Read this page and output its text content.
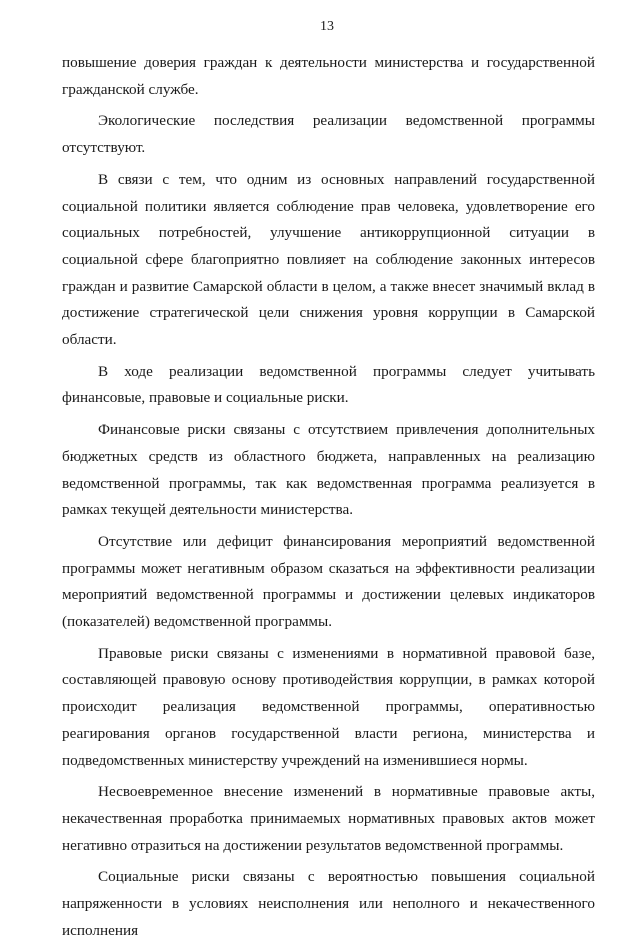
13

повышение доверия граждан к деятельности министерства и государственной гражданской службе.

Экологические последствия реализации ведомственной программы отсутствуют.

В связи с тем, что одним из основных направлений государственной социальной политики является соблюдение прав человека, удовлетворение его социальных потребностей, улучшение антикоррупционной ситуации в социальной сфере благоприятно повлияет на соблюдение законных интересов граждан и развитие Самарской области в целом, а также внесет значимый вклад в достижение стратегической цели снижения уровня коррупции в Самарской области.

В ходе реализации ведомственной программы следует учитывать финансовые, правовые и социальные риски.

Финансовые риски связаны с отсутствием привлечения дополнительных бюджетных средств из областного бюджета, направленных на реализацию ведомственной программы, так как ведомственная программа реализуется в рамках текущей деятельности министерства.

Отсутствие или дефицит финансирования мероприятий ведомственной программы может негативным образом сказаться на эффективности реализации мероприятий ведомственной программы и достижении целевых индикаторов (показателей) ведомственной программы.

Правовые риски связаны с изменениями в нормативной правовой базе, составляющей правовую основу противодействия коррупции, в рамках которой происходит реализация ведомственной программы, оперативностью реагирования органов государственной власти региона, министерства и подведомственных министерству учреждений на изменившиеся нормы.

Несвоевременное внесение изменений в нормативные правовые акты, некачественная проработка принимаемых нормативных правовых актов может негативно отразиться на достижении результатов ведомственной программы.

Социальные риски связаны с вероятностью повышения социальной напряженности в условиях неисполнения или неполного и некачественного исполнения
